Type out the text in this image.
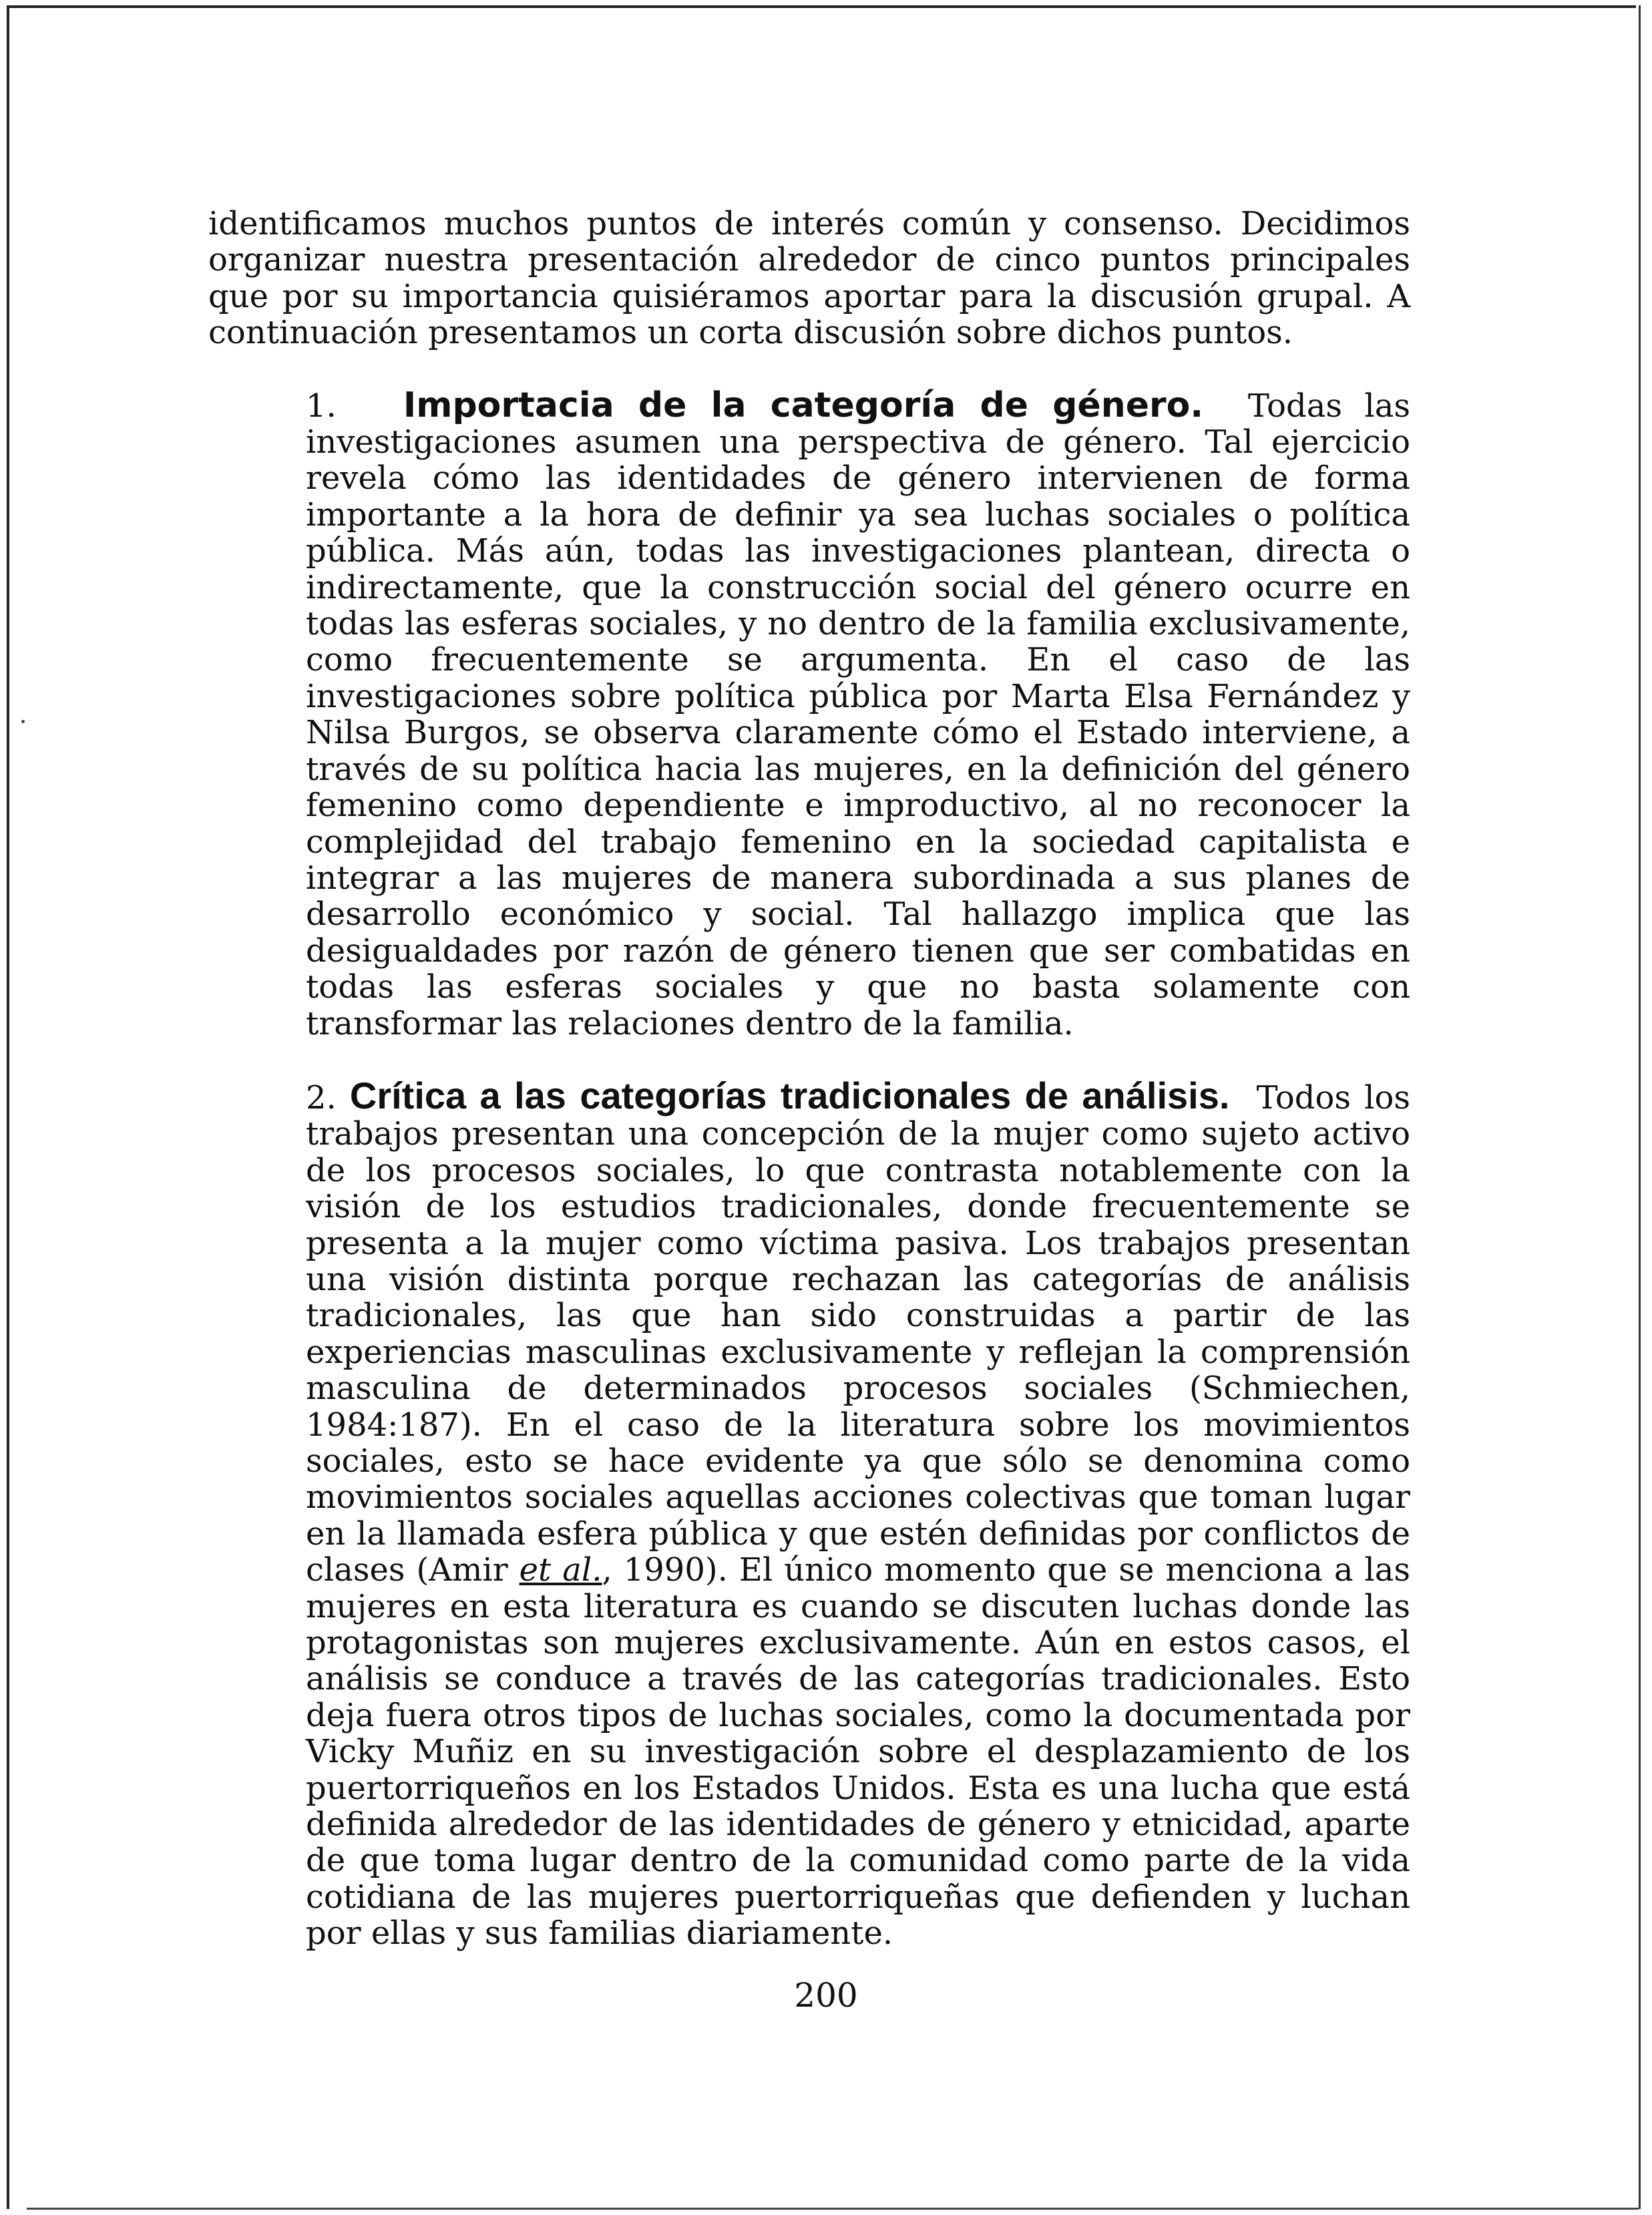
identificamos muchos puntos de interés común y consenso. Decidimos organizar nuestra presentación alrededor de cinco puntos principales que por su importancia quisiéramos aportar para la discusión grupal. A continuación presentamos un corta discusión sobre dichos puntos.

1. Importacia de la categoría de género. Todas las investigaciones asumen una perspectiva de género. Tal ejercicio revela cómo las identidades de género intervienen de forma importante a la hora de definir ya sea luchas sociales o política pública. Más aún, todas las investigaciones plantean, directa o indirectamente, que la construcción social del género ocurre en todas las esferas sociales, y no dentro de la familia exclusivamente, como frecuentemente se argumenta. En el caso de las investigaciones sobre política pública por Marta Elsa Fernández y Nilsa Burgos, se observa claramente cómo el Estado interviene, a través de su política hacia las mujeres, en la definición del género femenino como dependiente e improductivo, al no reconocer la complejidad del trabajo femenino en la sociedad capitalista e integrar a las mujeres de manera subordinada a sus planes de desarrollo económico y social. Tal hallazgo implica que las desigualdades por razón de género tienen que ser combatidas en todas las esferas sociales y que no basta solamente con transformar las relaciones dentro de la familia.

2. Crítica a las categorías tradicionales de análisis. Todos los trabajos presentan una concepción de la mujer como sujeto activo de los procesos sociales, lo que contrasta notablemente con la visión de los estudios tradicionales, donde frecuentemente se presenta a la mujer como víctima pasiva. Los trabajos presentan una visión distinta porque rechazan las categorías de análisis tradicionales, las que han sido construidas a partir de las experiencias masculinas exclusivamente y reflejan la comprensión masculina de determinados procesos sociales (Schmiechen, 1984:187). En el caso de la literatura sobre los movimientos sociales, esto se hace evidente ya que sólo se denomina como movimientos sociales aquellas acciones colectivas que toman lugar en la llamada esfera pública y que estén definidas por conflictos de clases (Amir et al., 1990). El único momento que se menciona a las mujeres en esta literatura es cuando se discuten luchas donde las protagonistas son mujeres exclusivamente. Aún en estos casos, el análisis se conduce a través de las categorías tradicionales. Esto deja fuera otros tipos de luchas sociales, como la documentada por Vicky Muñiz en su investigación sobre el desplazamiento de los puertorriqueños en los Estados Unidos. Esta es una lucha que está definida alrededor de las identidades de género y etnicidad, aparte de que toma lugar dentro de la comunidad como parte de la vida cotidiana de las mujeres puertorriqueñas que defienden y luchan por ellas y sus familias diariamente.

200
